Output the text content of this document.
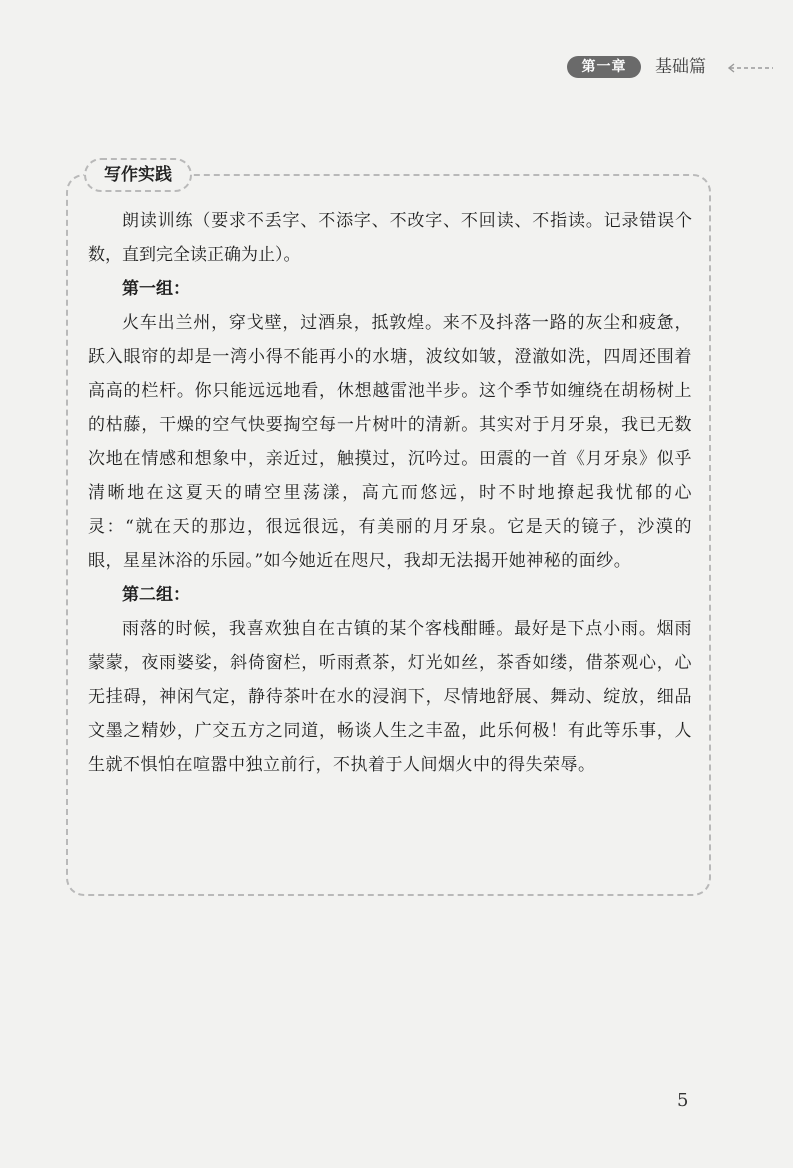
第一章	基础篇
写作实践

朗读训练（要求不丢字、不添字、不改字、不回读、不指读。记录错误个数，直到完全读正确为止）。

第一组：

火车出兰州，穿戈壁，过酒泉，抵敦煌。来不及抖落一路的灰尘和疲惫，跃入眼帘的却是一湾小得不能再小的水塘，波纹如皱，澄澈如洗，四周还围着高高的栏杆。你只能远远地看，休想越雷池半步。这个季节如缠绕在胡杨树上的枯藤，干燥的空气快要掏空每一片树叶的清新。其实对于月牙泉，我已无数次地在情感和想象中，亲近过，触摸过，沉吟过。田震的一首《月牙泉》似乎清晰地在这夏天的晴空里荡漾，高亢而悠远，时不时地撩起我忧郁的心灵：“就在天的那边，很远很远，有美丽的月牙泉。它是天的镜子，沙漠的眼，星星沐浴的乐园。”如今她近在咫尺，我却无法揭开她神秘的面纱。

第二组：

雨落的时候，我喜欢独自在古镇的某个客栈酣睡。最好是下点小雨。烟雨蒙蒙，夜雨婆娑，斜倚窗栏，听雨煮茶，灯光如丝，茶香如缕，借茶观心，心无挂碍，神闲气定，静待茶叶在水的浸润下，尽情地舒展、舞动、绽放，细品文墨之精妙，广交五方之同道，畅谈人生之丰盈，此乐何极！有此等乐事，人生就不惧怕在喧嚣中独立前行，不执着于人间烟火中的得失荣辱。

5
